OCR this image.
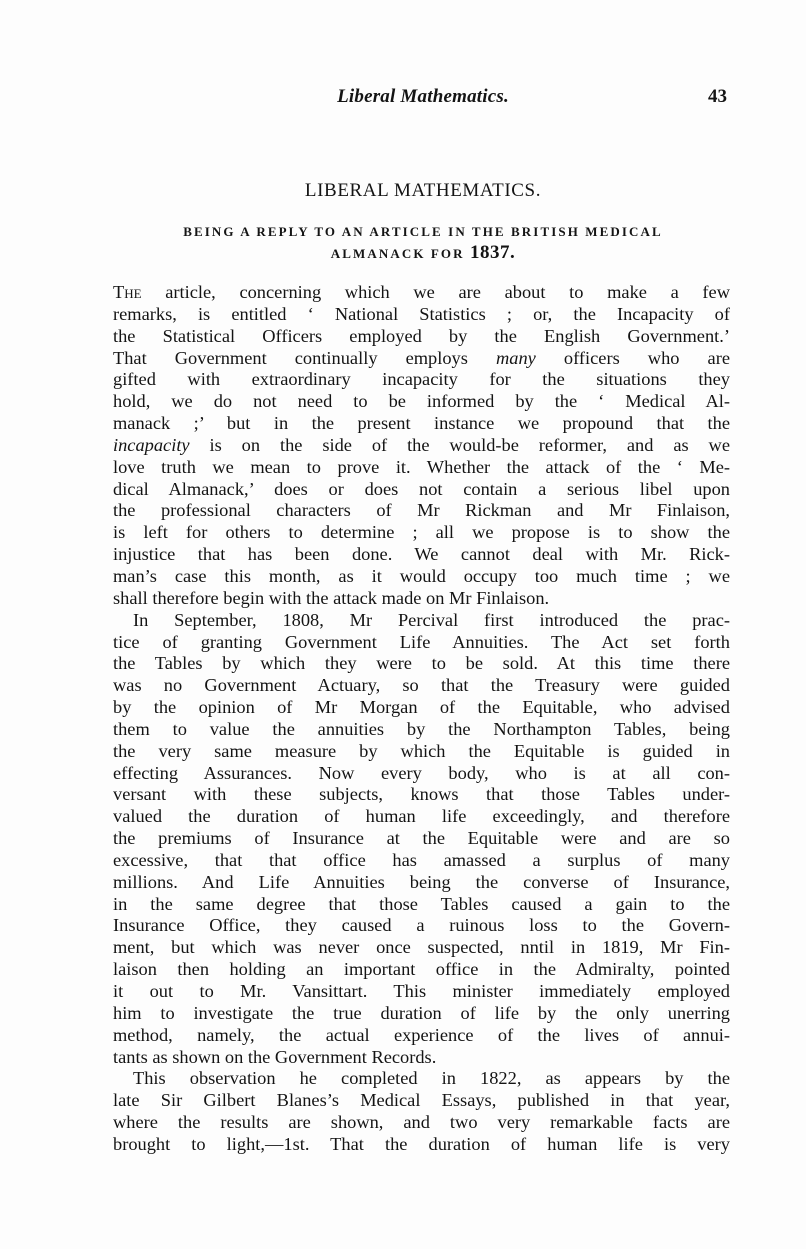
Liberal Mathematics.	43
LIBERAL MATHEMATICS.
BEING A REPLY TO AN ARTICLE IN THE BRITISH MEDICAL
ALMANACK FOR 1837.
The article, concerning which we are about to make a few
remarks, is entitled ‘ National Statistics ; or, the Incapacity of
the Statistical Officers employed by the English Government.’
That Government continually employs many officers who are
gifted with extraordinary incapacity for the situations they
hold, we do not need to be informed by the ‘ Medical Al-
manack ;’ but in the present instance we propound that the
incapacity is on the side of the would-be reformer, and as we
love truth we mean to prove it. Whether the attack of the ‘ Me-
dical Almanack,’ does or does not contain a serious libel upon
the professional characters of Mr Rickman and Mr Finlaison,
is left for others to determine ; all we propose is to show the
injustice that has been done. We cannot deal with Mr. Rick-
man’s case this month, as it would occupy too much time ; we
shall therefore begin with the attack made on Mr Finlaison.
In September, 1808, Mr Percival first introduced the prac-
tice of granting Government Life Annuities. The Act set forth
the Tables by which they were to be sold. At this time there
was no Government Actuary, so that the Treasury were guided
by the opinion of Mr Morgan of the Equitable, who advised
them to value the annuities by the Northampton Tables, being
the very same measure by which the Equitable is guided in
effecting Assurances. Now every body, who is at all con-
versant with these subjects, knows that those Tables under-
valued the duration of human life exceedingly, and therefore
the premiums of Insurance at the Equitable were and are so
excessive, that that office has amassed a surplus of many
millions. And Life Annuities being the converse of Insurance,
in the same degree that those Tables caused a gain to the
Insurance Office, they caused a ruinous loss to the Govern-
ment, but which was never once suspected, nntil in 1819, Mr Fin-
laison then holding an important office in the Admiralty, pointed
it out to Mr. Vansittart. This minister immediately employed
him to investigate the true duration of life by the only unerring
method, namely, the actual experience of the lives of annui-
tants as shown on the Government Records.
This observation he completed in 1822, as appears by the
late Sir Gilbert Blanes’s Medical Essays, published in that year,
where the results are shown, and two very remarkable facts are
brought to light,—1st. That the duration of human life is very
